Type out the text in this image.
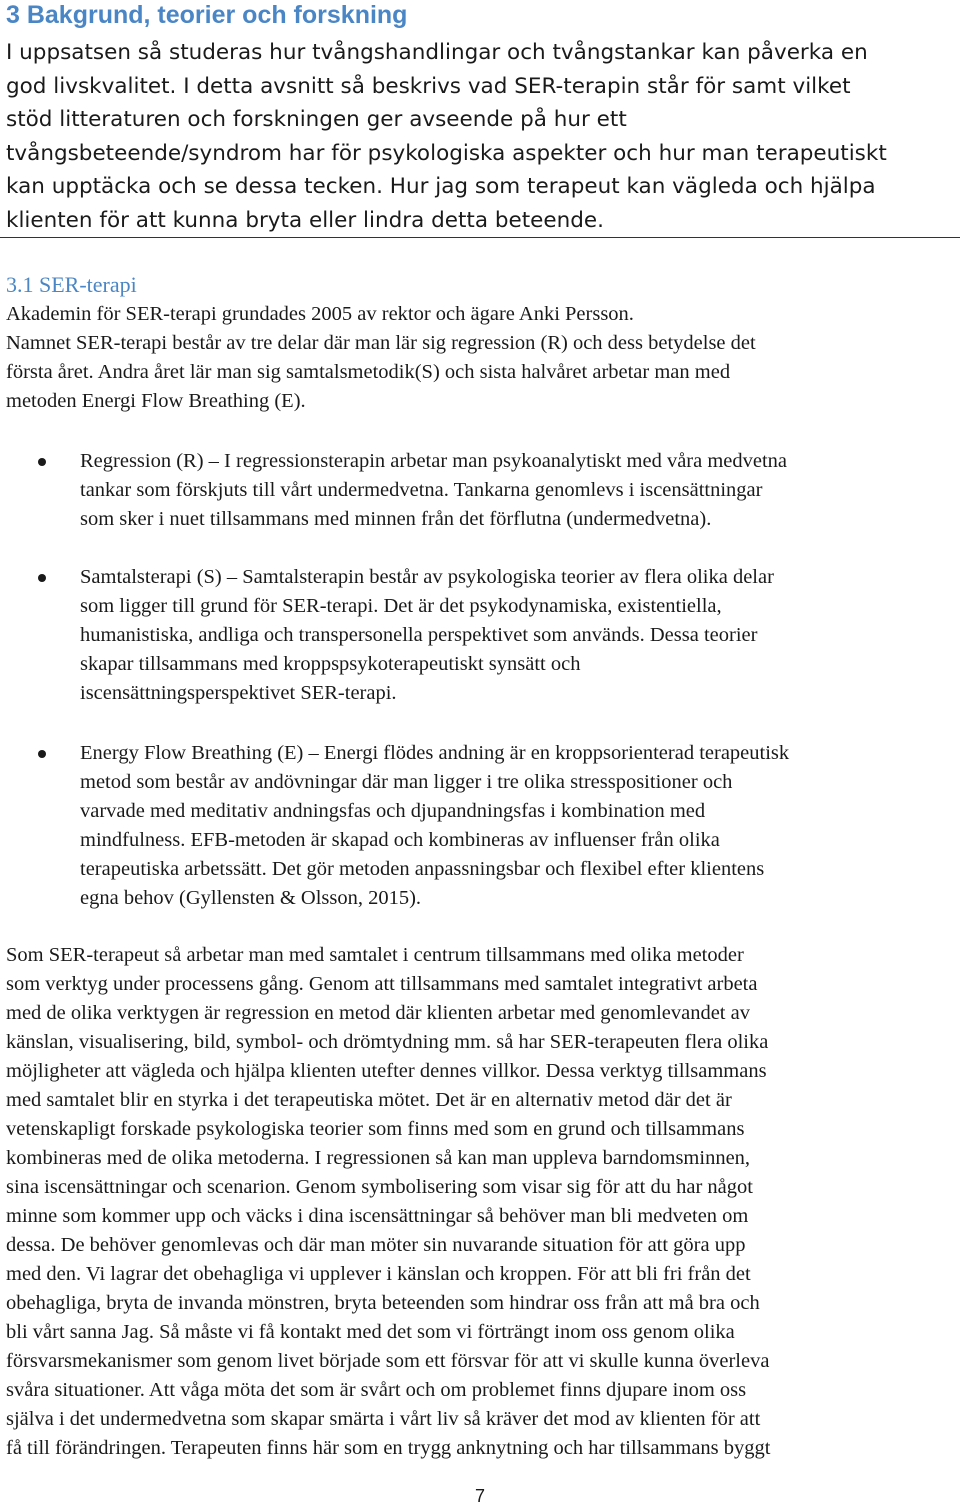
3 Bakgrund, teorier och forskning
I uppsatsen så studeras hur tvångshandlingar och tvångstankar kan påverka en
god livskvalitet. I detta avsnitt så beskrivs vad SER-terapin står för samt vilket
stöd litteraturen och forskningen ger avseende på hur ett
tvångsbeteende/syndrom har för psykologiska aspekter och hur man terapeutiskt
kan upptäcka och se dessa tecken. Hur jag som terapeut kan vägleda och hjälpa
klienten för att kunna bryta eller lindra detta beteende.
3.1 SER-terapi
Akademin för SER-terapi grundades 2005 av rektor och ägare Anki Persson.
Namnet SER-terapi består av tre delar där man lär sig regression (R) och dess betydelse det
första året. Andra året lär man sig samtalsmetodik(S) och sista halvåret arbetar man med
metoden Energi Flow Breathing (E).
Regression (R) – I regressionsterapin arbetar man psykoanalytiskt med våra medvetna
tankar som förskjuts till vårt undermedvetna. Tankarna genomlevs i iscensättningar
som sker i nuet tillsammans med minnen från det förflutna (undermedvetna).
Samtalsterapi (S) – Samtalsterapin består av psykologiska teorier av flera olika delar
som ligger till grund för SER-terapi. Det är det psykodynamiska, existentiella,
humanistiska, andliga och transpersonella perspektivet som används. Dessa teorier
skapar tillsammans med kroppspsykoterapeutiskt synsätt och
iscensättningsperspektivet SER-terapi.
Energy Flow Breathing (E) – Energi flödes andning är en kroppsorienterad terapeutisk
metod som består av andövningar där man ligger i tre olika stresspositioner och
varvade med meditativ andningsfas och djupandningsfas i kombination med
mindfulness. EFB-metoden är skapad och kombineras av influenser från olika
terapeutiska arbetssätt. Det gör metoden anpassningsbar och flexibel efter klientens
egna behov (Gyllensten & Olsson, 2015).
Som SER-terapeut så arbetar man med samtalet i centrum tillsammans med olika metoder
som verktyg under processens gång. Genom att tillsammans med samtalet integrativt arbeta
med de olika verktygen är regression en metod där klienten arbetar med genomlevandet av
känslan, visualisering, bild, symbol- och drömtydning mm. så har SER-terapeuten flera olika
möjligheter att vägleda och hjälpa klienten utefter dennes villkor. Dessa verktyg tillsammans
med samtalet blir en styrka i det terapeutiska mötet. Det är en alternativ metod där det är
vetenskapligt forskade psykologiska teorier som finns med som en grund och tillsammans
kombineras med de olika metoderna. I regressionen så kan man uppleva barndomsminnen,
sina iscensättningar och scenarion. Genom symbolisering som visar sig för att du har något
minne som kommer upp och väcks i dina iscensättningar så behöver man bli medveten om
dessa. De behöver genomlevas och där man möter sin nuvarande situation för att göra upp
med den. Vi lagrar det obehagliga vi upplever i känslan och kroppen. För att bli fri från det
obehagliga, bryta de invanda mönstren, bryta beteenden som hindrar oss från att må bra och
bli vårt sanna Jag. Så måste vi få kontakt med det som vi förträngt inom oss genom olika
försvarsmekanismer som genom livet började som ett försvar för att vi skulle kunna överleva
svåra situationer. Att våga möta det som är svårt och om problemet finns djupare inom oss
själva i det undermedvetna som skapar smärta i vårt liv så kräver det mod av klienten för att
få till förändringen. Terapeuten finns här som en trygg anknytning och har tillsammans byggt
7
